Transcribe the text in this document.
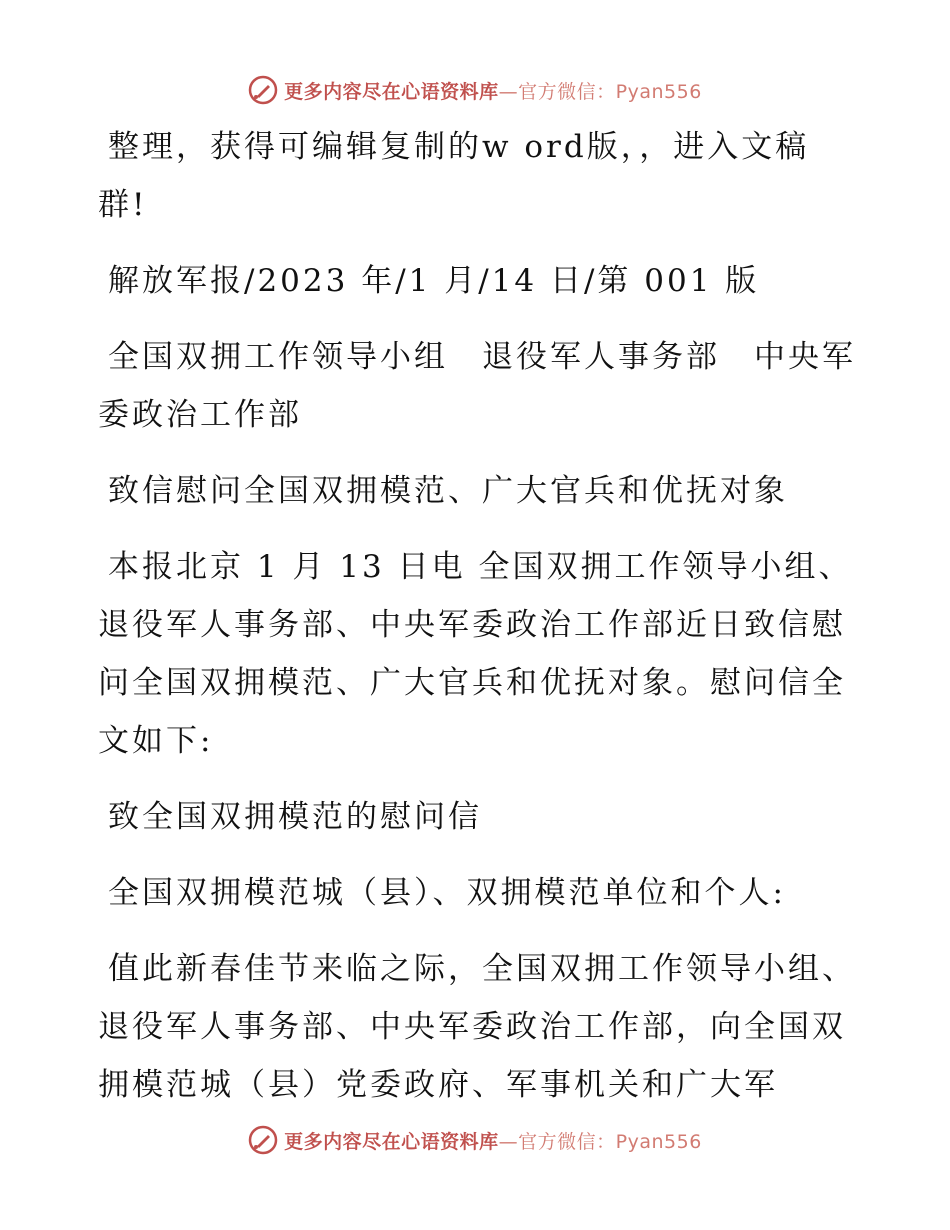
更多内容尽在心语资料库—官方微信：Pyan556

整理，获得可编辑复制的w ord版，，进入文稿群!

解放军报/2023 年/1 月/14 日/第 001 版

全国双拥工作领导小组　退役军人事务部　中央军委政治工作部

致信慰问全国双拥模范、广大官兵和优抚对象

本报北京 1 月 13 日电 全国双拥工作领导小组、退役军人事务部、中央军委政治工作部近日致信慰问全国双拥模范、广大官兵和优抚对象。慰问信全文如下:

致全国双拥模范的慰问信

全国双拥模范城（县）、双拥模范单位和个人:

值此新春佳节来临之际，全国双拥工作领导小组、退役军人事务部、中央军委政治工作部，向全国双拥模范城（县）党委政府、军事机关和广大军

更多内容尽在心语资料库—官方微信：Pyan556
